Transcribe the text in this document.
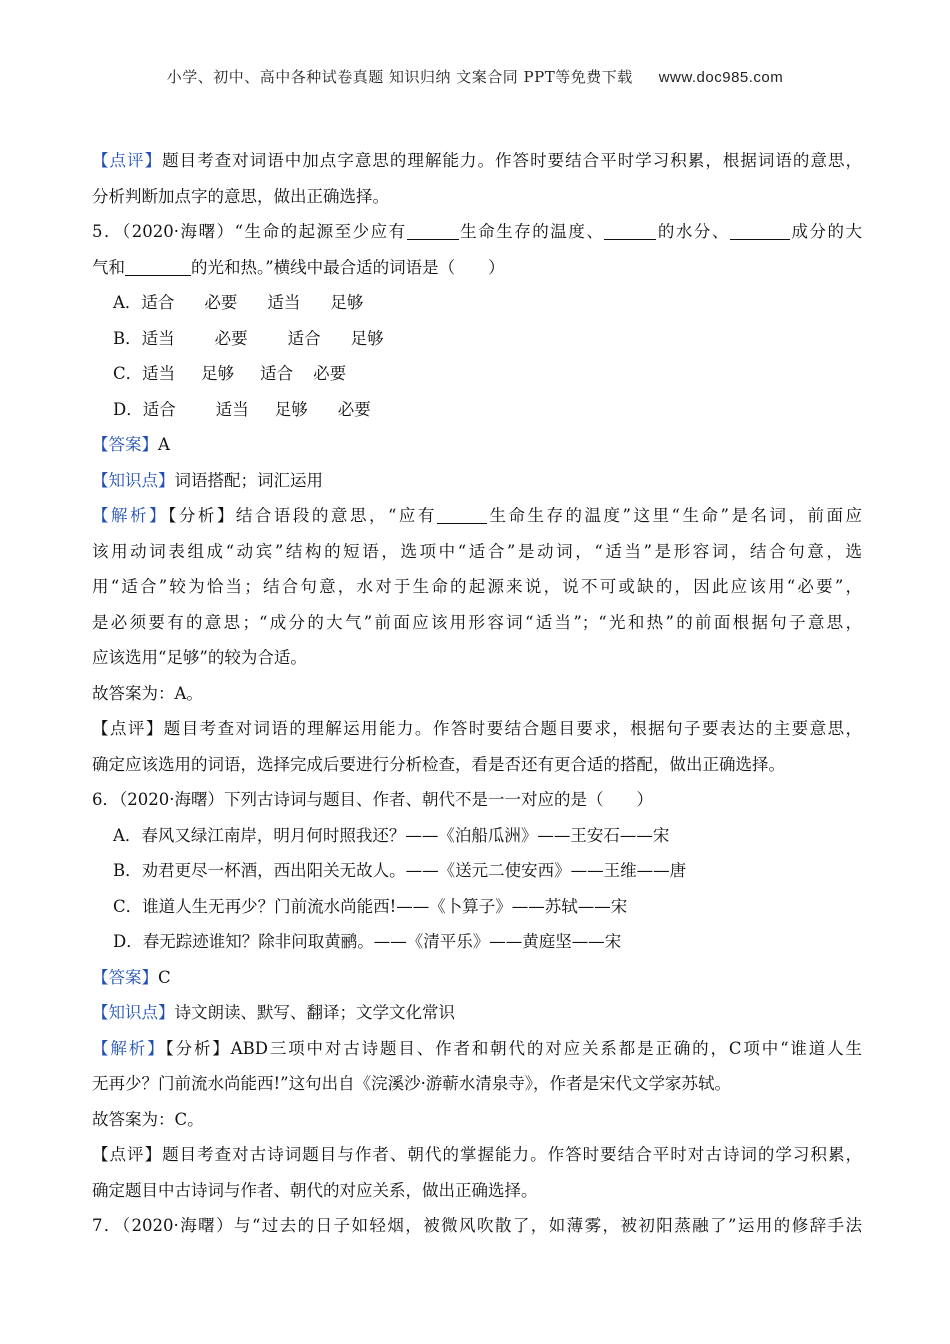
小学、初中、高中各种试卷真题 知识归纳 文案合同 PPT等免费下载 www.doc985.com
【点评】题目考查对词语中加点字意思的理解能力。作答时要结合平时学习积累，根据词语的意思，
分析判断加点字的意思，做出正确选择。
5．（2020·海曙）“生命的起源至少应有	生命生存的温度、	的水分、	成分的大
气和	的光和热。”横线中最合适的词语是（　　）
A．适合 必要 适当 足够
B．适当 必要 适合 足够
C．适当 足够 适合 必要
D．适合 适当 足够 必要
【答案】A
【知识点】词语搭配；词汇运用
【解析】【分析】结合语段的意思，“应有	生命生存的温度”这里“生命”是名词，前面应
该用动词表组成“动宾”结构的短语，选项中“适合”是动词，“适当”是形容词，结合句意，选
用“适合”较为恰当；结合句意，水对于生命的起源来说，说不可或缺的，因此应该用“必要”，
是必须要有的意思；“成分的大气”前面应该用形容词“适当”；“光和热”的前面根据句子意思，
应该选用“足够”的较为合适。
故答案为：A。
【点评】题目考查对词语的理解运用能力。作答时要结合题目要求，根据句子要表达的主要意思，
确定应该选用的词语，选择完成后要进行分析检查，看是否还有更合适的搭配，做出正确选择。
6．（2020·海曙）下列古诗词与题目、作者、朝代不是一一对应的是（　　）
A．春风又绿江南岸，明月何时照我还？——《泊船瓜洲》——王安石——宋
B．劝君更尽一杯酒，西出阳关无故人。——《送元二使安西》——王维——唐
C．谁道人生无再少？门前流水尚能西!——《卜算子》——苏轼——宋
D．春无踪迹谁知？除非问取黄鹂。——《清平乐》——黄庭坚——宋
【答案】C
【知识点】诗文朗读、默写、翻译；文学文化常识
【解析】【分析】ABD三项中对古诗题目、作者和朝代的对应关系都是正确的，C项中“谁道人生
无再少？门前流水尚能西!”这句出自《浣溪沙·游蕲水清泉寺》，作者是宋代文学家苏轼。
故答案为：C。
【点评】题目考查对古诗词题目与作者、朝代的掌握能力。作答时要结合平时对古诗词的学习积累，
确定题目中古诗词与作者、朝代的对应关系，做出正确选择。
7．（2020·海曙）与“过去的日子如轻烟，被微风吹散了，如薄雾，被初阳蒸融了”运用的修辞手法
